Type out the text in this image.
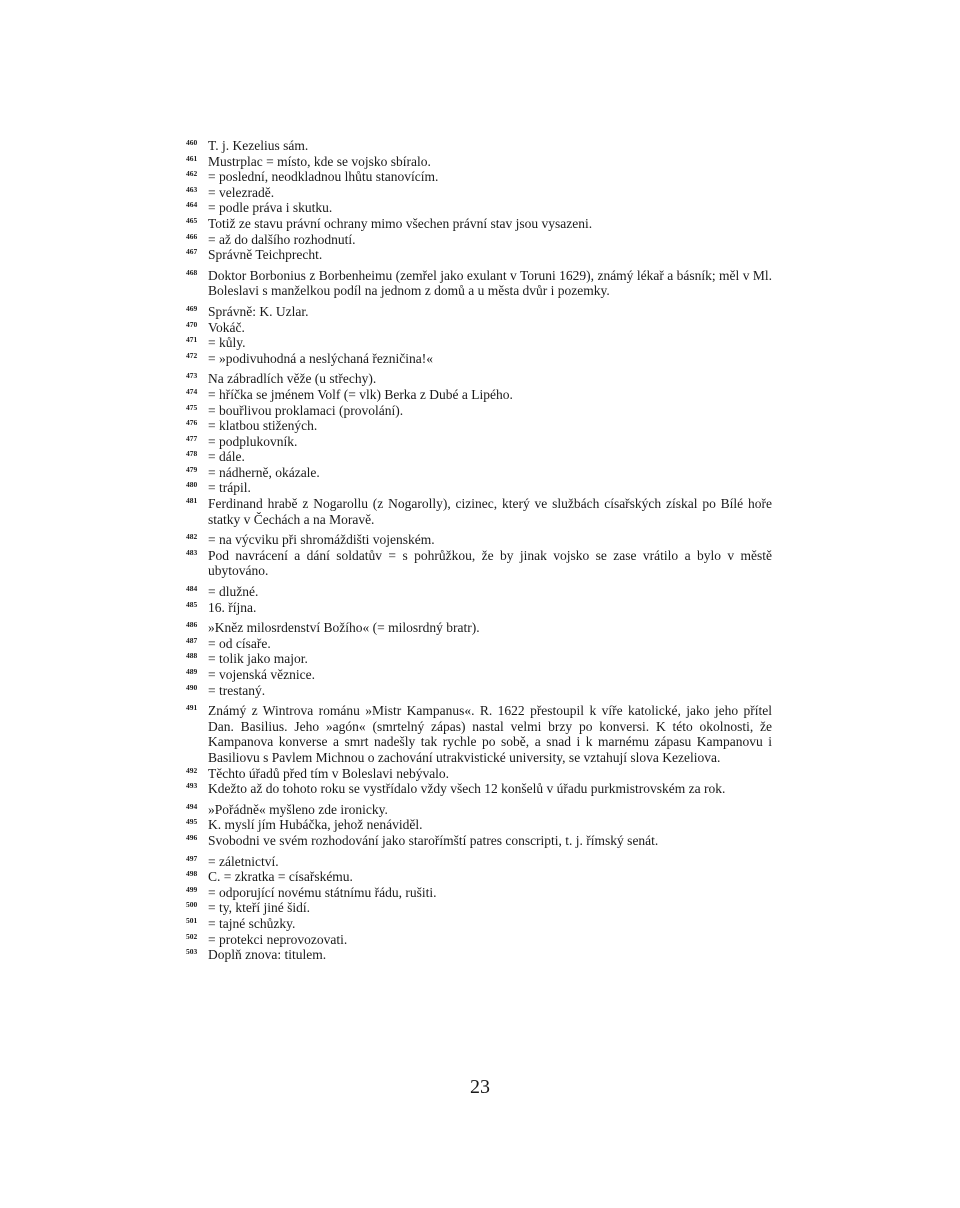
460 T. j. Kezelius sám.
461 Mustrplac = místo, kde se vojsko sbíralo.
462 = poslední, neodkladnou lhůtu stanovícím.
463 = velezradě.
464 = podle práva i skutku.
465 Totiž ze stavu právní ochrany mimo všechen právní stav jsou vysazeni.
466 = až do dalšího rozhodnutí.
467 Správně Teichprecht.
468 Doktor Borbonius z Borbenheimu (zemřel jako exulant v Toruni 1629), známý lékař a básník; měl v Ml. Boleslavi s manželkou podíl na jednom z domů a u města dvůr i pozemky.
469 Správně: K. Uzlar.
470 Vokáč.
471 = kůly.
472 = »podivuhodná a neslýchaná řezničina!«
473 Na zábradlích věže (u střechy).
474 = hříčka se jménem Volf (= vlk) Berka z Dubé a Lipého.
475 = bouřlivou proklamaci (provolání).
476 = klatbou stižených.
477 = podplukovník.
478 = dále.
479 = nádherně, okázale.
480 = trápil.
481 Ferdinand hrabě z Nogarollu (z Nogarolly), cizinec, který ve službách císařských získal po Bílé hoře statky v Čechách a na Moravě.
482 = na výcviku při shromáždišti vojenském.
483 Pod navrácení a dání soldatův = s pohrůžkou, že by jinak vojsko se zase vrátilo a bylo v městě ubytováno.
484 = dlužné.
485 16. října.
486 »Kněz milosrdenství Božího« (= milosrdný bratr).
487 = od císaře.
488 = tolik jako major.
489 = vojenská věznice.
490 = trestaný.
491 Známý z Wintrova románu »Mistr Kampanus«. R. 1622 přestoupil k víře katolické, jako jeho přítel Dan. Basilius. Jeho »agón« (smrtelný zápas) nastal velmi brzy po konversi. K této okolnosti, že Kampanova konverse a smrt nadešly tak rychle po sobě, a snad i k marnému zápasu Kampanovu i Basiliovu s Pavlem Michnou o zachování utrakvistické university, se vztahují slova Kezeliova.
492 Těchto úřadů před tím v Boleslavi nebývalo.
493 Kdežto až do tohoto roku se vystřídalo vždy všech 12 konšelů v úřadu purkmistrovském za rok.
494 »Pořádně« myšleno zde ironicky.
495 K. myslí jím Hubáčka, jehož nenáviděl.
496 Svobodni ve svém rozhodování jako starořímští patres conscripti, t. j. římský senát.
497 = záletnictví.
498 C. = zkratka = císařskému.
499 = odporující novému státnímu řádu, rušiti.
500 = ty, kteří jiné šidí.
501 = tajné schůzky.
502 = protekci neprovozovati.
503 Doplň znova: titulem.
23
